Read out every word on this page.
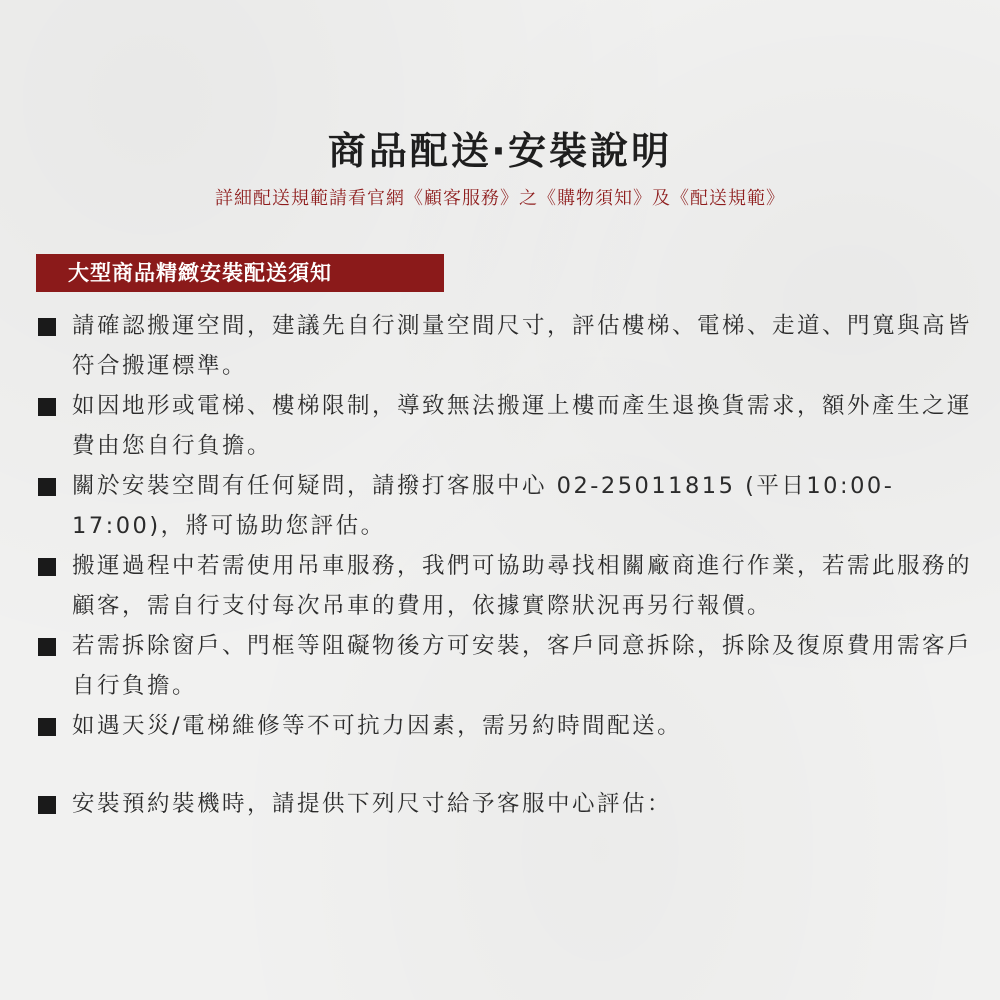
商品配送‧安裝說明
詳細配送規範請看官網《顧客服務》之《購物須知》及《配送規範》
大型商品精緻安裝配送須知
請確認搬運空間，建議先自行測量空間尺寸，評估樓梯、電梯、走道、門寬與高皆符合搬運標準。
如因地形或電梯、樓梯限制，導致無法搬運上樓而產生退換貨需求，額外產生之運費由您自行負擔。
關於安裝空間有任何疑問，請撥打客服中心 02-25011815 (平日10:00-17:00)，將可協助您評估。
搬運過程中若需使用吊車服務，我們可協助尋找相關廠商進行作業，若需此服務的顧客，需自行支付每次吊車的費用，依據實際狀況再另行報價。
若需拆除窗戶、門框等阻礙物後方可安裝，客戶同意拆除，拆除及復原費用需客戶自行負擔。
如遇天災/電梯維修等不可抗力因素，需另約時間配送。
安裝預約裝機時，請提供下列尺寸給予客服中心評估：
